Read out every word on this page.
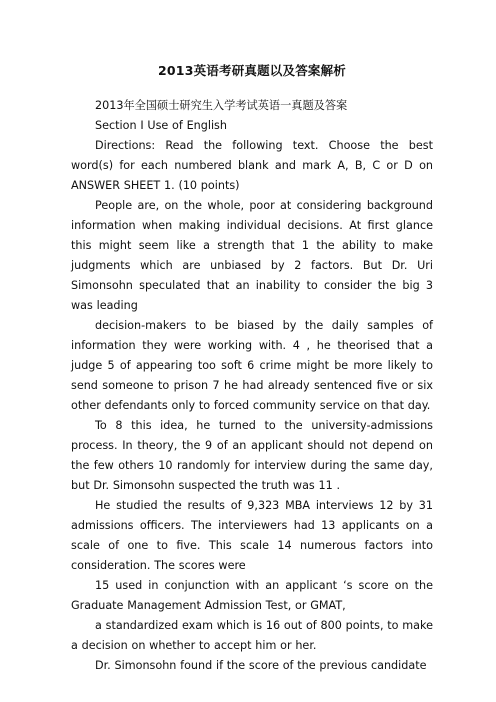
2013英语考研真题以及答案解析

2013年全国硕士研究生入学考试英语一真题及答案

Section I Use of English

Directions: Read the following text. Choose the best word(s) for each numbered blank and mark A, B, C or D on ANSWER SHEET 1. (10 points)

People are, on the whole, poor at considering background information when making individual decisions. At first glance this might seem like a strength that 1 the ability to make judgments which are unbiased by 2 factors. But Dr. Uri Simonsohn speculated that an inability to consider the big 3 was leading

decision-makers to be biased by the daily samples of information they were working with. 4 , he theorised that a judge 5 of appearing too soft 6 crime might be more likely to send someone to prison 7 he had already sentenced five or six other defendants only to forced community service on that day.

To 8 this idea, he turned to the university-admissions process. In theory, the 9 of an applicant should not depend on the few others 10 randomly for interview during the same day, but Dr. Simonsohn suspected the truth was 11 .

He studied the results of 9,323 MBA interviews 12 by 31 admissions officers. The interviewers had 13 applicants on a scale of one to five. This scale 14 numerous factors into consideration. The scores were

15 used in conjunction with an applicant ‘s score on the Graduate Management Admission Test, or GMAT,

a standardized exam which is 16 out of 800 points, to make a decision on whether to accept him or her.

Dr. Simonsohn found if the score of the previous candidate
